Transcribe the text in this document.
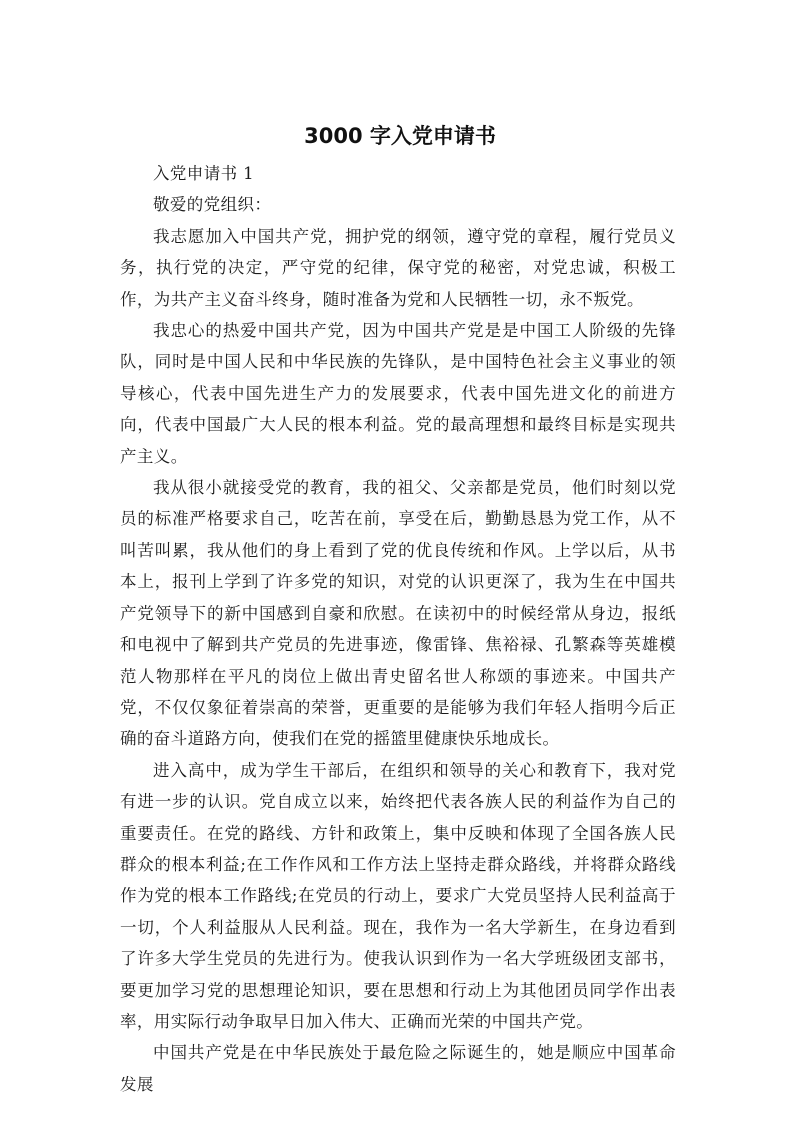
3000 字入党申请书

入党申请书 1

敬爱的党组织：

我志愿加入中国共产党，拥护党的纲领，遵守党的章程，履行党员义务，执行党的决定，严守党的纪律，保守党的秘密，对党忠诚，积极工作，为共产主义奋斗终身，随时准备为党和人民牺牲一切，永不叛党。

我忠心的热爱中国共产党，因为中国共产党是是中国工人阶级的先锋队，同时是中国人民和中华民族的先锋队，是中国特色社会主义事业的领导核心，代表中国先进生产力的发展要求，代表中国先进文化的前进方向，代表中国最广大人民的根本利益。党的最高理想和最终目标是实现共产主义。

我从很小就接受党的教育，我的祖父、父亲都是党员，他们时刻以党员的标准严格要求自己，吃苦在前，享受在后，勤勤恳恳为党工作，从不叫苦叫累，我从他们的身上看到了党的优良传统和作风。上学以后，从书本上，报刊上学到了许多党的知识，对党的认识更深了，我为生在中国共产党领导下的新中国感到自豪和欣慰。在读初中的时候经常从身边，报纸和电视中了解到共产党员的先进事迹，像雷锋、焦裕禄、孔繁森等英雄模范人物那样在平凡的岗位上做出青史留名世人称颂的事迹来。中国共产党，不仅仅象征着崇高的荣誉，更重要的是能够为我们年轻人指明今后正确的奋斗道路方向，使我们在党的摇篮里健康快乐地成长。

进入高中，成为学生干部后，在组织和领导的关心和教育下，我对党有进一步的认识。党自成立以来，始终把代表各族人民的利益作为自己的重要责任。在党的路线、方针和政策上，集中反映和体现了全国各族人民群众的根本利益;在工作作风和工作方法上坚持走群众路线，并将群众路线作为党的根本工作路线;在党员的行动上，要求广大党员坚持人民利益高于一切，个人利益服从人民利益。现在，我作为一名大学新生，在身边看到了许多大学生党员的先进行为。使我认识到作为一名大学班级团支部书，要更加学习党的思想理论知识，要在思想和行动上为其他团员同学作出表率，用实际行动争取早日加入伟大、正确而光荣的中国共产党。

中国共产党是在中华民族处于最危险之际诞生的，她是顺应中国革命发展
